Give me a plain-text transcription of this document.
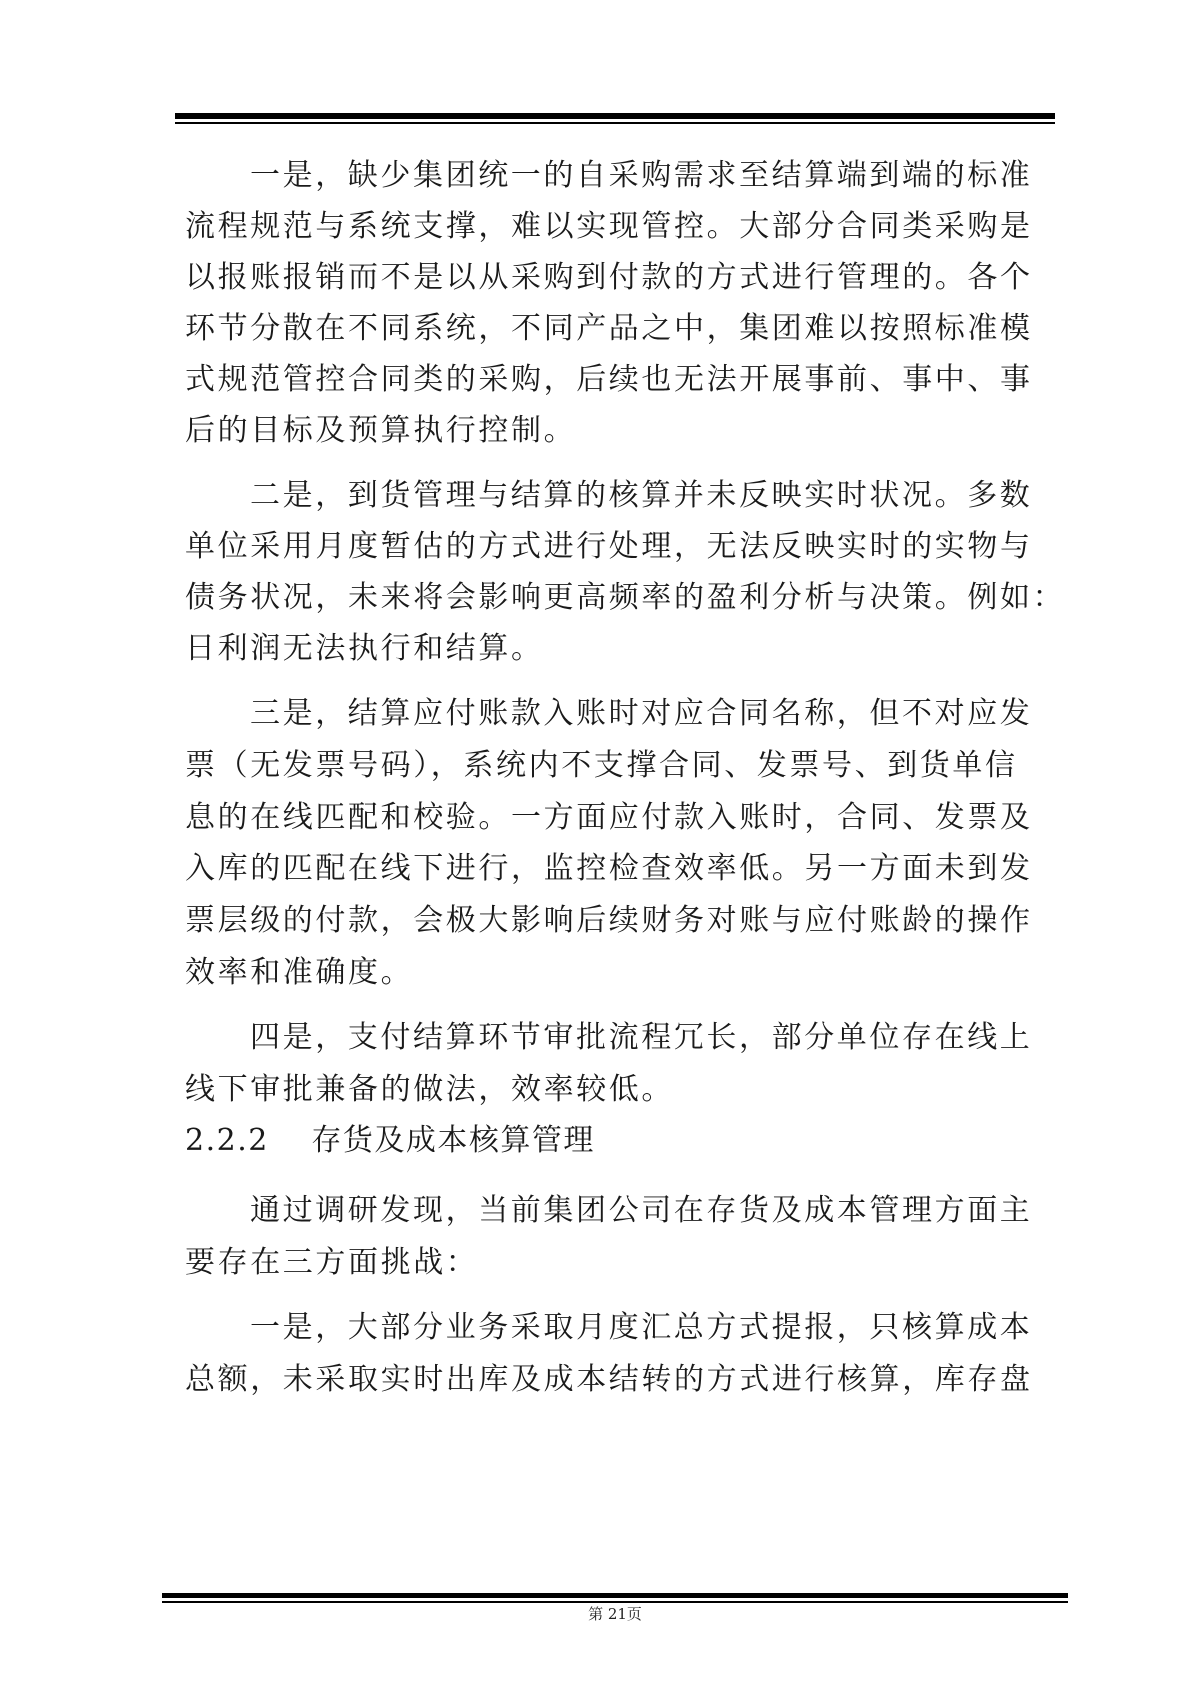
一是，缺少集团统一的自采购需求至结算端到端的标准
流程规范与系统支撑，难以实现管控。大部分合同类采购是
以报账报销而不是以从采购到付款的方式进行管理的。各个
环节分散在不同系统，不同产品之中，集团难以按照标准模
式规范管控合同类的采购，后续也无法开展事前、事中、事
后的目标及预算执行控制。
二是，到货管理与结算的核算并未反映实时状况。多数
单位采用月度暂估的方式进行处理，无法反映实时的实物与
债务状况，未来将会影响更高频率的盈利分析与决策。例如：
日利润无法执行和结算。
三是，结算应付账款入账时对应合同名称，但不对应发
票（无发票号码），系统内不支撑合同、发票号、到货单信
息的在线匹配和校验。一方面应付款入账时，合同、发票及
入库的匹配在线下进行，监控检查效率低。另一方面未到发
票层级的付款，会极大影响后续财务对账与应付账龄的操作
效率和准确度。
四是，支付结算环节审批流程冗长，部分单位存在线上
线下审批兼备的做法，效率较低。
2.2.2　 存货及成本核算管理
通过调研发现，当前集团公司在存货及成本管理方面主
要存在三方面挑战：
一是，大部分业务采取月度汇总方式提报，只核算成本
总额，未采取实时出库及成本结转的方式进行核算，库存盘
第 21页
